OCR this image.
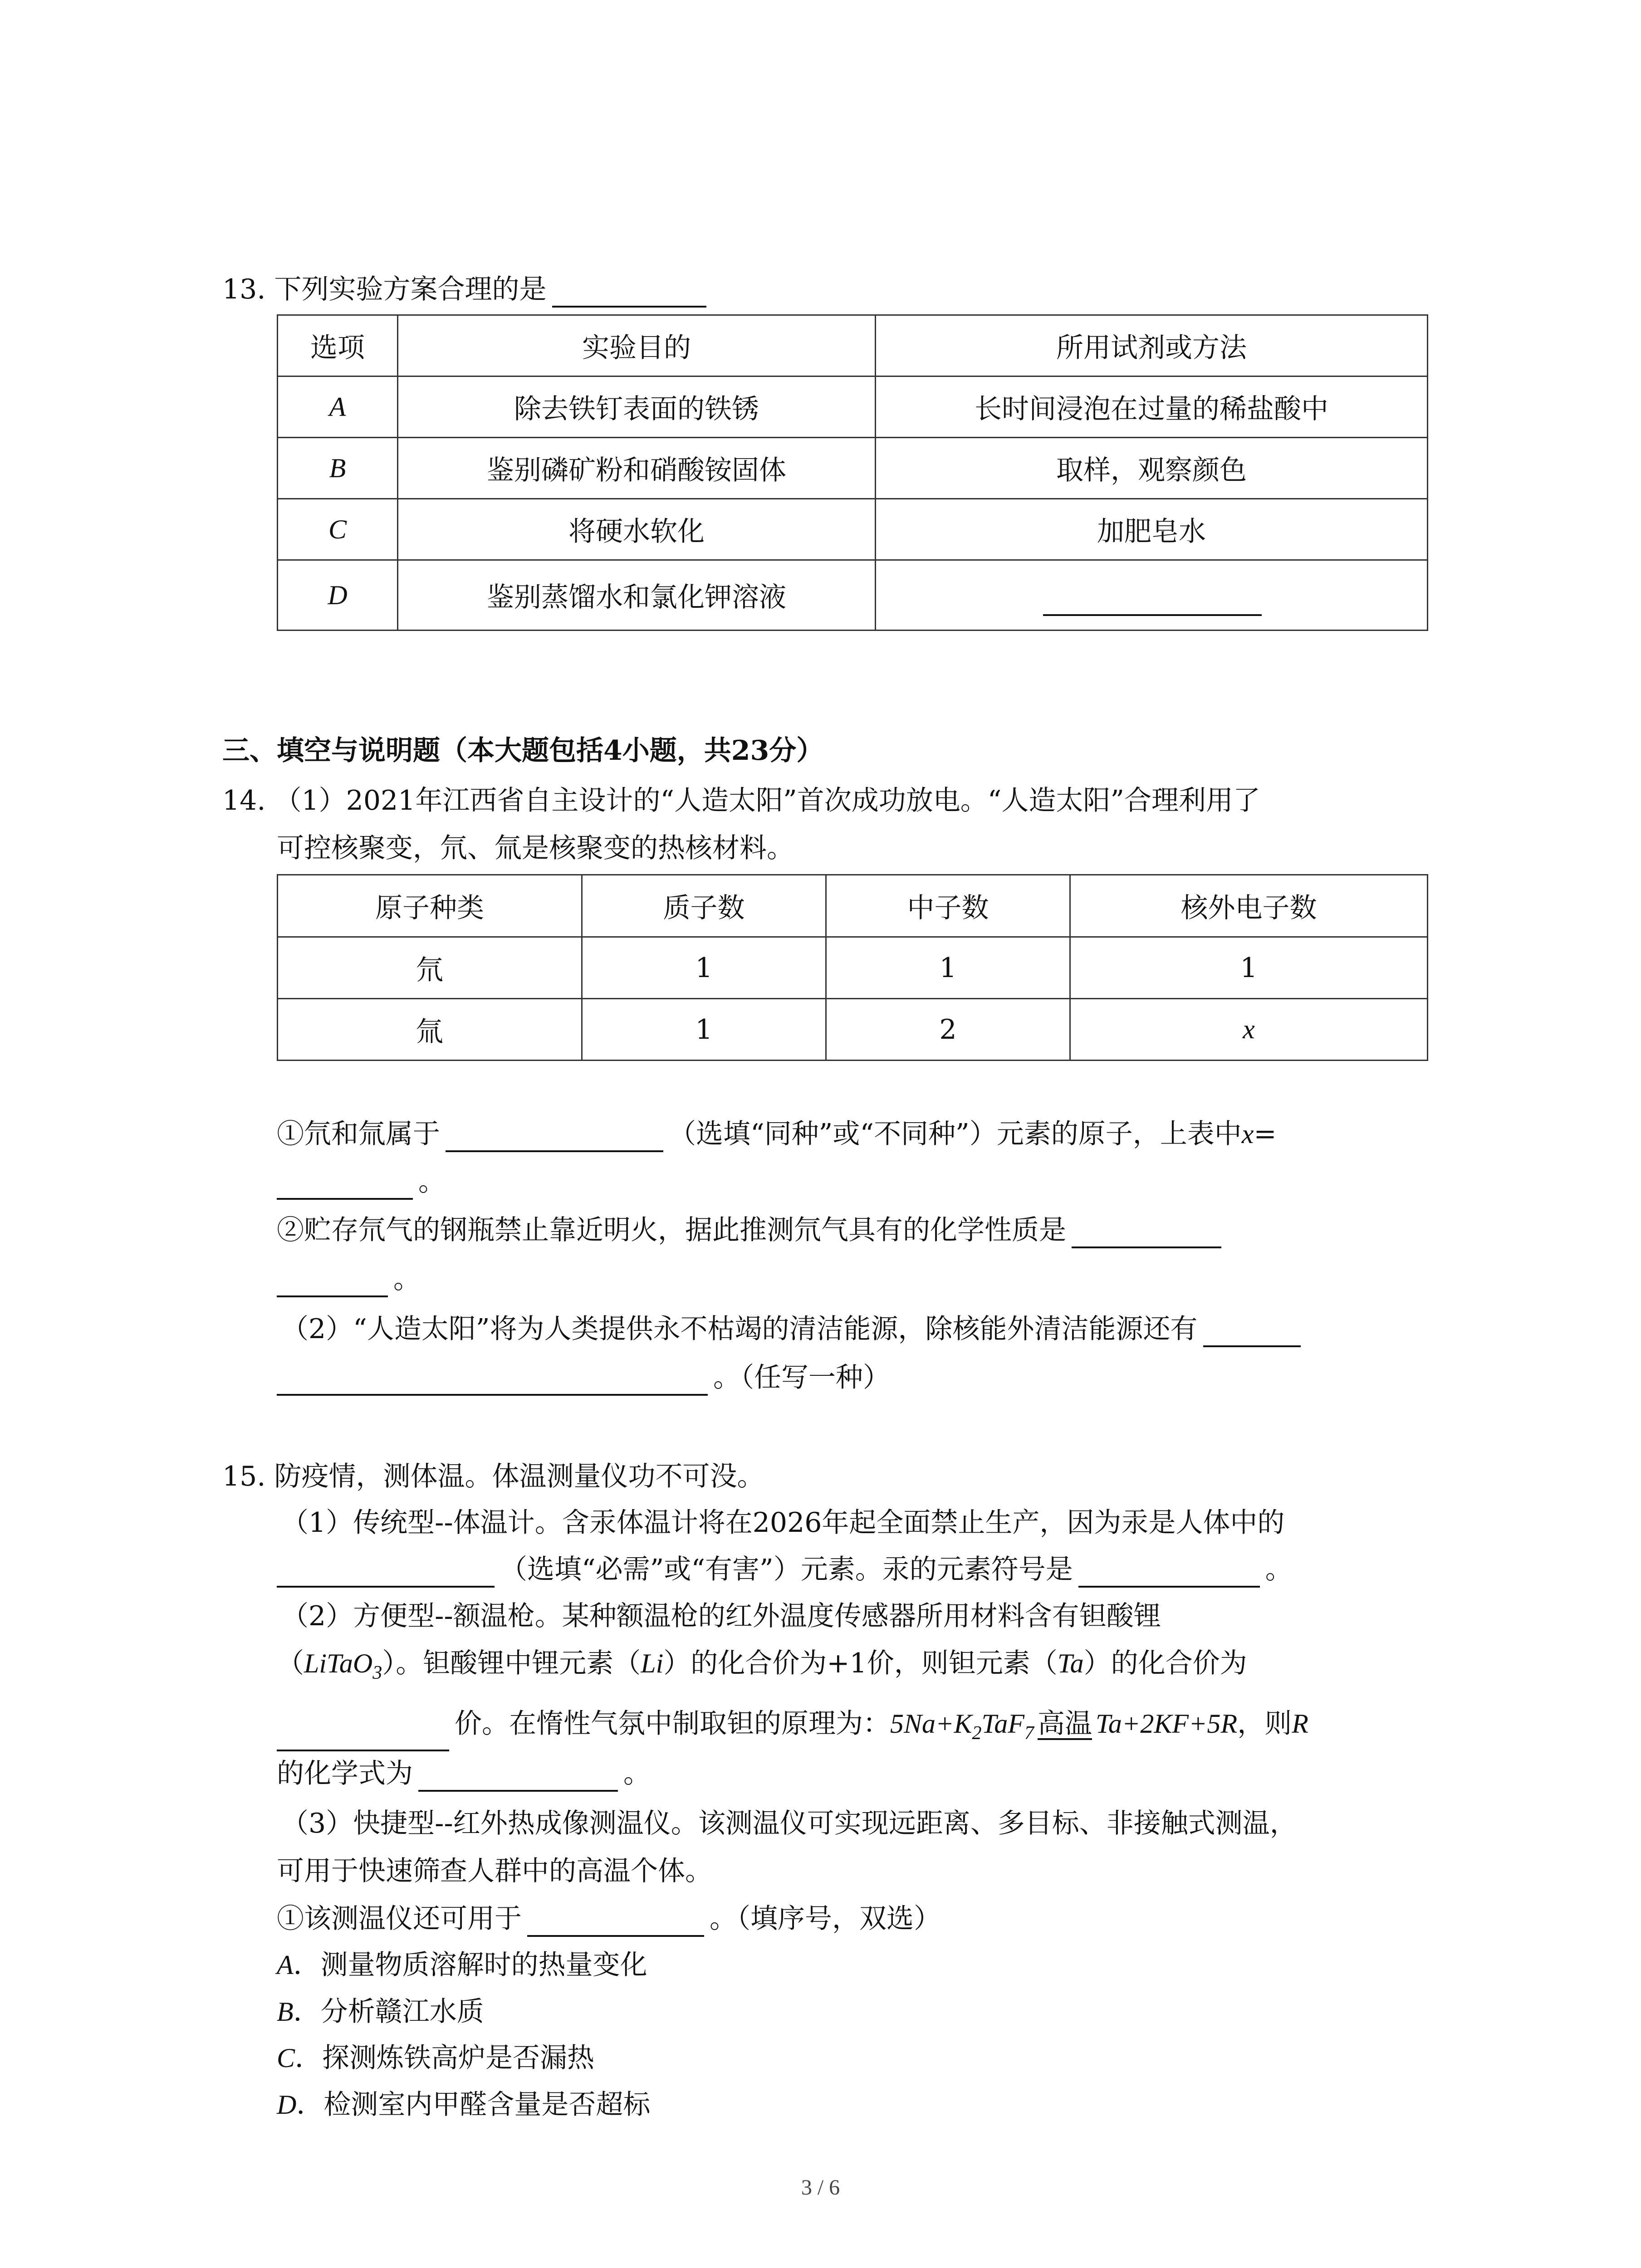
13. 下列实验方案合理的是
选项	实验目的	所用试剂或方法
A	除去铁钉表面的铁锈	长时间浸泡在过量的稀盐酸中
B	鉴别磷矿粉和硝酸铵固体	取样，观察颜色
C	将硬水软化	加肥皂水
D	鉴别蒸馏水和氯化钾溶液	
三、填空与说明题（本大题包括4小题，共23分）
14. （1）2021年江西省自主设计的“人造太阳”首次成功放电。“人造太阳”合理利用了
可控核聚变，氘、氚是核聚变的热核材料。
原子种类	质子数	中子数	核外电子数
氘	1	1	1
氚	1	2	x
①氘和氚属于	（选填“同种”或“不同种”）元素的原子，上表中x=
。
②贮存氘气的钢瓶禁止靠近明火，据此推测氘气具有的化学性质是
。
（2）“人造太阳”将为人类提供永不枯竭的清洁能源，除核能外清洁能源还有
。（任写一种）
15. 防疫情，测体温。体温测量仪功不可没。
（1）传统型--体温计。含汞体温计将在2026年起全面禁止生产，因为汞是人体中的
（选填“必需”或“有害”）元素。汞的元素符号是	。
（2）方便型--额温枪。某种额温枪的红外温度传感器所用材料含有钽酸锂
（LiTaO$_3$）。钽酸锂中锂元素（Li）的化合价为+1价，则钽元素（Ta）的化合价为
价。在惰性气氛中制取钽的原理为：$5Na+K_2TaF_7$ 高温 Ta+2KF+5R，则R
的化学式为	。
（3）快捷型--红外热成像测温仪。该测温仪可实现远距离、多目标、非接触式测温，
可用于快速筛查人群中的高温个体。
①该测温仪还可用于	。（填序号，双选）
A．测量物质溶解时的热量变化
B．分析赣江水质
C．探测炼铁高炉是否漏热
D．检测室内甲醛含量是否超标
3 / 6
